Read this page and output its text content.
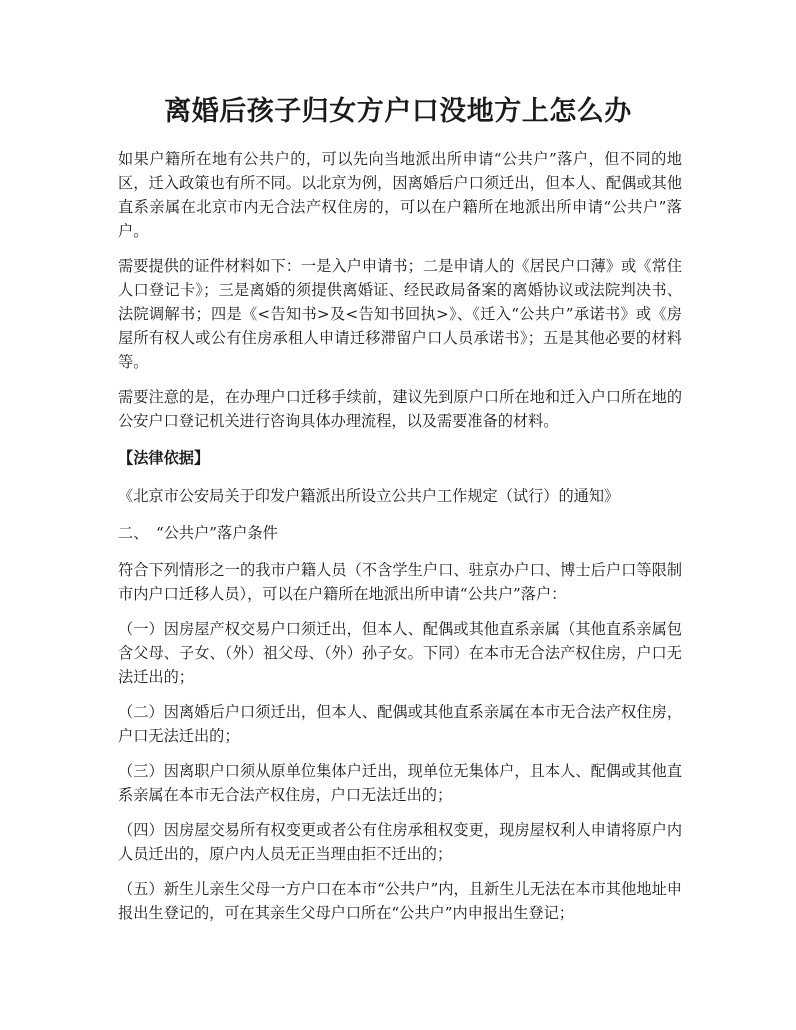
离婚后孩子归女方户口没地方上怎么办

如果户籍所在地有公共户的，可以先向当地派出所申请“公共户”落户，但不同的地区，迁入政策也有所不同。以北京为例，因离婚后户口须迁出，但本人、配偶或其他直系亲属在北京市内无合法产权住房的，可以在户籍所在地派出所申请“公共户”落户。

需要提供的证件材料如下：一是入户申请书；二是申请人的《居民户口薄》或《常住人口登记卡》；三是离婚的须提供离婚证、经民政局备案的离婚协议或法院判决书、法院调解书；四是《<告知书>及<告知书回执>》、《迁入“公共户”承诺书》或《房屋所有权人或公有住房承租人申请迁移滞留户口人员承诺书》；五是其他必要的材料等。

需要注意的是，在办理户口迁移手续前，建议先到原户口所在地和迁入户口所在地的公安户口登记机关进行咨询具体办理流程，以及需要准备的材料。

【法律依据】

《北京市公安局关于印发户籍派出所设立公共户工作规定（试行）的通知》

二、　“公共户”落户条件

符合下列情形之一的我市户籍人员（不含学生户口、驻京办户口、博士后户口等限制市内户口迁移人员），可以在户籍所在地派出所申请“公共户”落户：

（一）因房屋产权交易户口须迁出，但本人、配偶或其他直系亲属（其他直系亲属包含父母、子女、（外）祖父母、（外）孙子女。下同）在本市无合法产权住房，户口无法迁出的；

（二）因离婚后户口须迁出，但本人、配偶或其他直系亲属在本市无合法产权住房，户口无法迁出的；

（三）因离职户口须从原单位集体户迁出，现单位无集体户，且本人、配偶或其他直系亲属在本市无合法产权住房，户口无法迁出的；

（四）因房屋交易所有权变更或者公有住房承租权变更，现房屋权利人申请将原户内人员迁出的，原户内人员无正当理由拒不迁出的；

（五）新生儿亲生父母一方户口在本市“公共户”内，且新生儿无法在本市其他地址申报出生登记的，可在其亲生父母户口所在“公共户”内申报出生登记；
